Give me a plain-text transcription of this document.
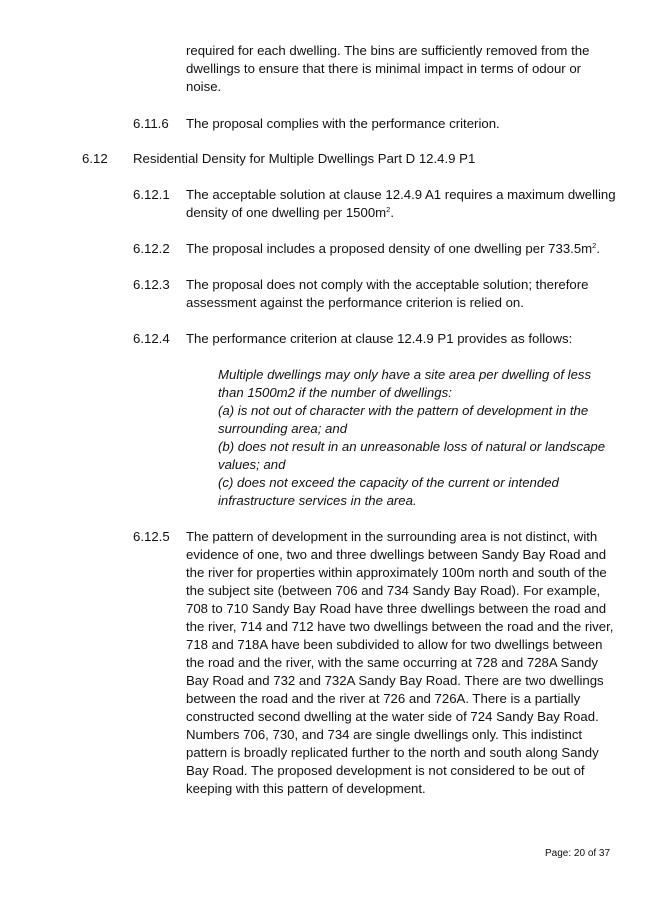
required for each dwelling. The bins are sufficiently removed from the
dwellings to ensure that there is minimal impact in terms of odour or
noise.
6.11.6 The proposal complies with the performance criterion.
6.12 Residential Density for Multiple Dwellings Part D 12.4.9 P1
6.12.1 The acceptable solution at clause 12.4.9 A1 requires a maximum dwelling
density of one dwelling per $1500m^2$.
6.12.2 The proposal includes a proposed density of one dwelling per $733.5m^2$.
6.12.3 The proposal does not comply with the acceptable solution; therefore
assessment against the performance criterion is relied on.
6.12.4 The performance criterion at clause 12.4.9 P1 provides as follows:
Multiple dwellings may only have a site area per dwelling of less
than 1500m2 if the number of dwellings:
(a) is not out of character with the pattern of development in the
surrounding area; and
(b) does not result in an unreasonable loss of natural or landscape
values; and
(c) does not exceed the capacity of the current or intended
infrastructure services in the area.
6.12.5 The pattern of development in the surrounding area is not distinct, with
evidence of one, two and three dwellings between Sandy Bay Road and
the river for properties within approximately 100m north and south of the
the subject site (between 706 and 734 Sandy Bay Road). For example,
708 to 710 Sandy Bay Road have three dwellings between the road and
the river, 714 and 712 have two dwellings between the road and the river,
718 and 718A have been subdivided to allow for two dwellings between
the road and the river, with the same occurring at 728 and 728A Sandy
Bay Road and 732 and 732A Sandy Bay Road. There are two dwellings
between the road and the river at 726 and 726A. There is a partially
constructed second dwelling at the water side of 724 Sandy Bay Road.
Numbers 706, 730, and 734 are single dwellings only. This indistinct
pattern is broadly replicated further to the north and south along Sandy
Bay Road. The proposed development is not considered to be out of
keeping with this pattern of development.
Page: 20 of 37
